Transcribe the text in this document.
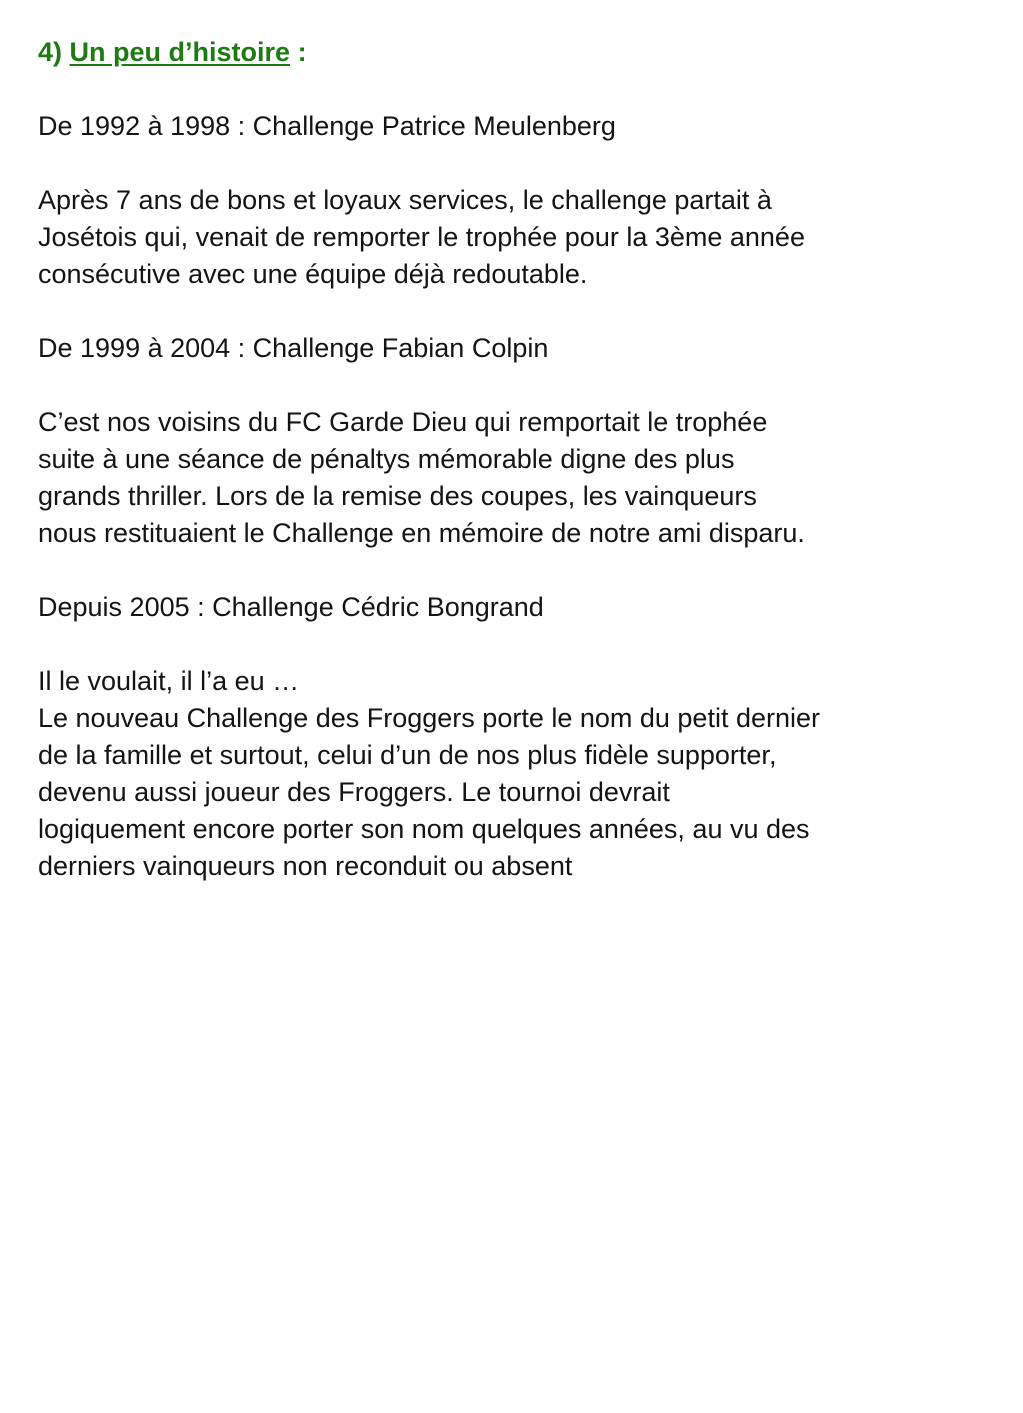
4) Un peu d’histoire :

De 1992 à 1998 : Challenge Patrice Meulenberg

Après 7 ans de bons et loyaux services, le challenge partait à
Josétois qui, venait de remporter le trophée pour la 3ème année
consécutive avec une équipe déjà redoutable.

De 1999 à 2004 : Challenge Fabian Colpin

C’est nos voisins du FC Garde Dieu qui remportait le trophée
suite à une séance de pénaltys mémorable digne des plus
grands thriller. Lors de la remise des coupes, les vainqueurs
nous restituaient le Challenge en mémoire de notre ami disparu.

Depuis 2005 : Challenge Cédric Bongrand

Il le voulait, il l’a eu …
Le nouveau Challenge des Froggers porte le nom du petit dernier
de la famille et surtout, celui d’un de nos plus fidèle supporter,
devenu aussi joueur des Froggers. Le tournoi devrait
logiquement encore porter son nom quelques années, au vu des
derniers vainqueurs non reconduit ou absent
